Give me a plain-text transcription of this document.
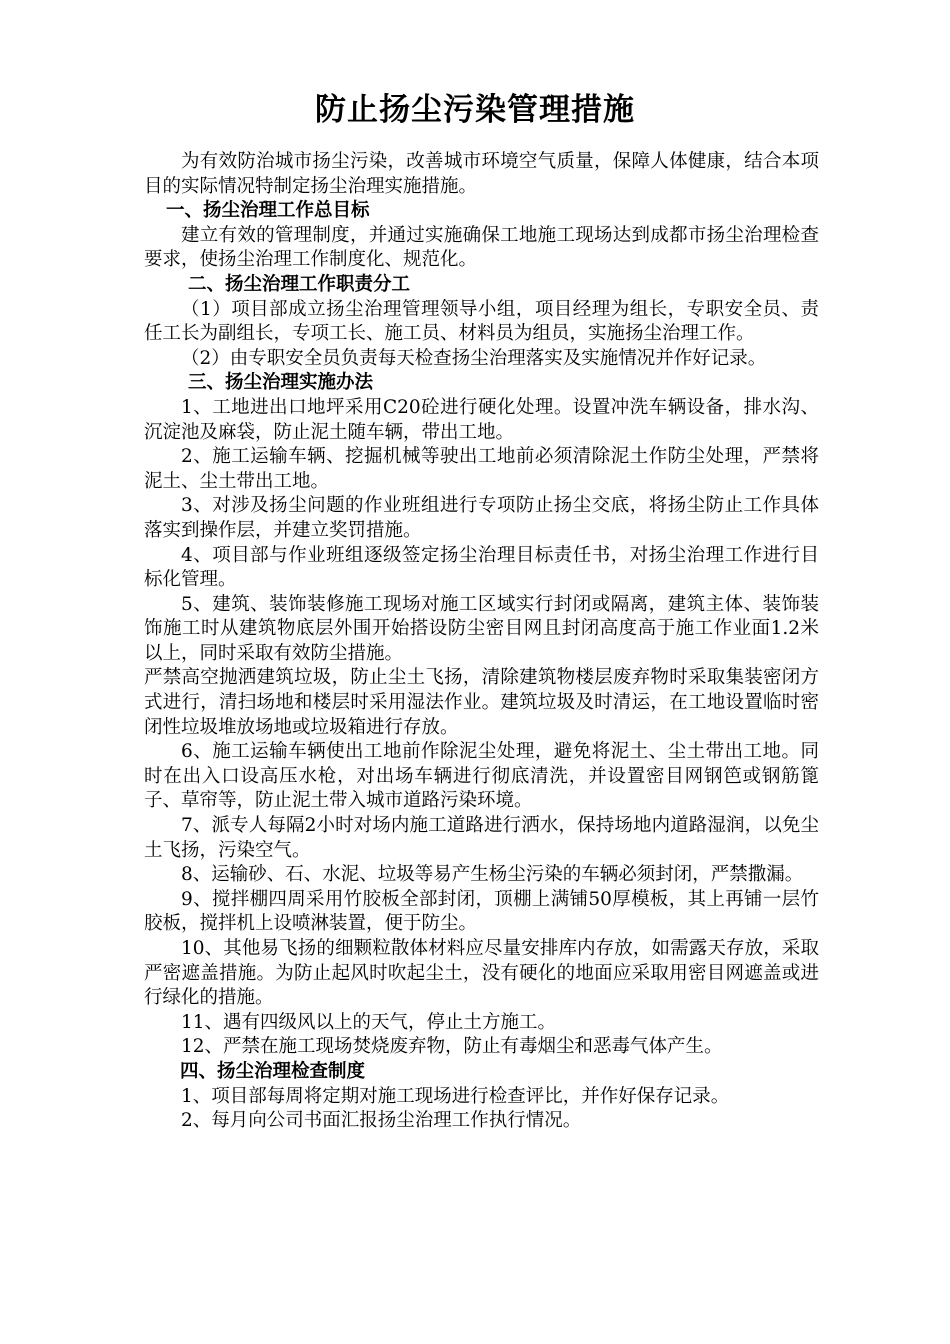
防止扬尘污染管理措施

为有效防治城市扬尘污染，改善城市环境空气质量，保障人体健康，结合本项目的实际情况特制定扬尘治理实施措施。

一、扬尘治理工作总目标

建立有效的管理制度，并通过实施确保工地施工现场达到成都市扬尘治理检查要求，使扬尘治理工作制度化、规范化。

二、扬尘治理工作职责分工

（1）项目部成立扬尘治理管理领导小组，项目经理为组长，专职安全员、责任工长为副组长，专项工长、施工员、材料员为组员，实施扬尘治理工作。

（2）由专职安全员负责每天检查扬尘治理落实及实施情况并作好记录。

三、扬尘治理实施办法

1、工地进出口地坪采用C20砼进行硬化处理。设置冲洗车辆设备，排水沟、沉淀池及麻袋，防止泥土随车辆，带出工地。

2、施工运输车辆、挖掘机械等驶出工地前必须清除泥土作防尘处理，严禁将泥土、尘土带出工地。

3、对涉及扬尘问题的作业班组进行专项防止扬尘交底，将扬尘防止工作具体落实到操作层，并建立奖罚措施。

4、项目部与作业班组逐级签定扬尘治理目标责任书，对扬尘治理工作进行目标化管理。

5、建筑、装饰装修施工现场对施工区域实行封闭或隔离，建筑主体、装饰装饰施工时从建筑物底层外围开始搭设防尘密目网且封闭高度高于施工作业面1.2米以上，同时采取有效防尘措施。

严禁高空抛洒建筑垃圾，防止尘土飞扬，清除建筑物楼层废弃物时采取集装密闭方式进行，清扫场地和楼层时采用湿法作业。建筑垃圾及时清运，在工地设置临时密闭性垃圾堆放场地或垃圾箱进行存放。

6、施工运输车辆使出工地前作除泥尘处理，避免将泥土、尘土带出工地。同时在出入口设高压水枪，对出场车辆进行彻底清洗，并设置密目网钢笆或钢筋篦子、草帘等，防止泥土带入城市道路污染环境。

7、派专人每隔2小时对场内施工道路进行洒水，保持场地内道路湿润，以免尘土飞扬，污染空气。

8、运输砂、石、水泥、垃圾等易产生杨尘污染的车辆必须封闭，严禁撒漏。

9、搅拌棚四周采用竹胶板全部封闭，顶棚上满铺50厚模板，其上再铺一层竹胶板，搅拌机上设喷淋装置，便于防尘。

10、其他易飞扬的细颗粒散体材料应尽量安排库内存放，如需露天存放，采取严密遮盖措施。为防止起风时吹起尘土，没有硬化的地面应采取用密目网遮盖或进行绿化的措施。

11、遇有四级风以上的天气，停止土方施工。

12、严禁在施工现场焚烧废弃物，防止有毒烟尘和恶毒气体产生。

四、扬尘治理检查制度

1、项目部每周将定期对施工现场进行检查评比，并作好保存记录。

2、每月向公司书面汇报扬尘治理工作执行情况。
